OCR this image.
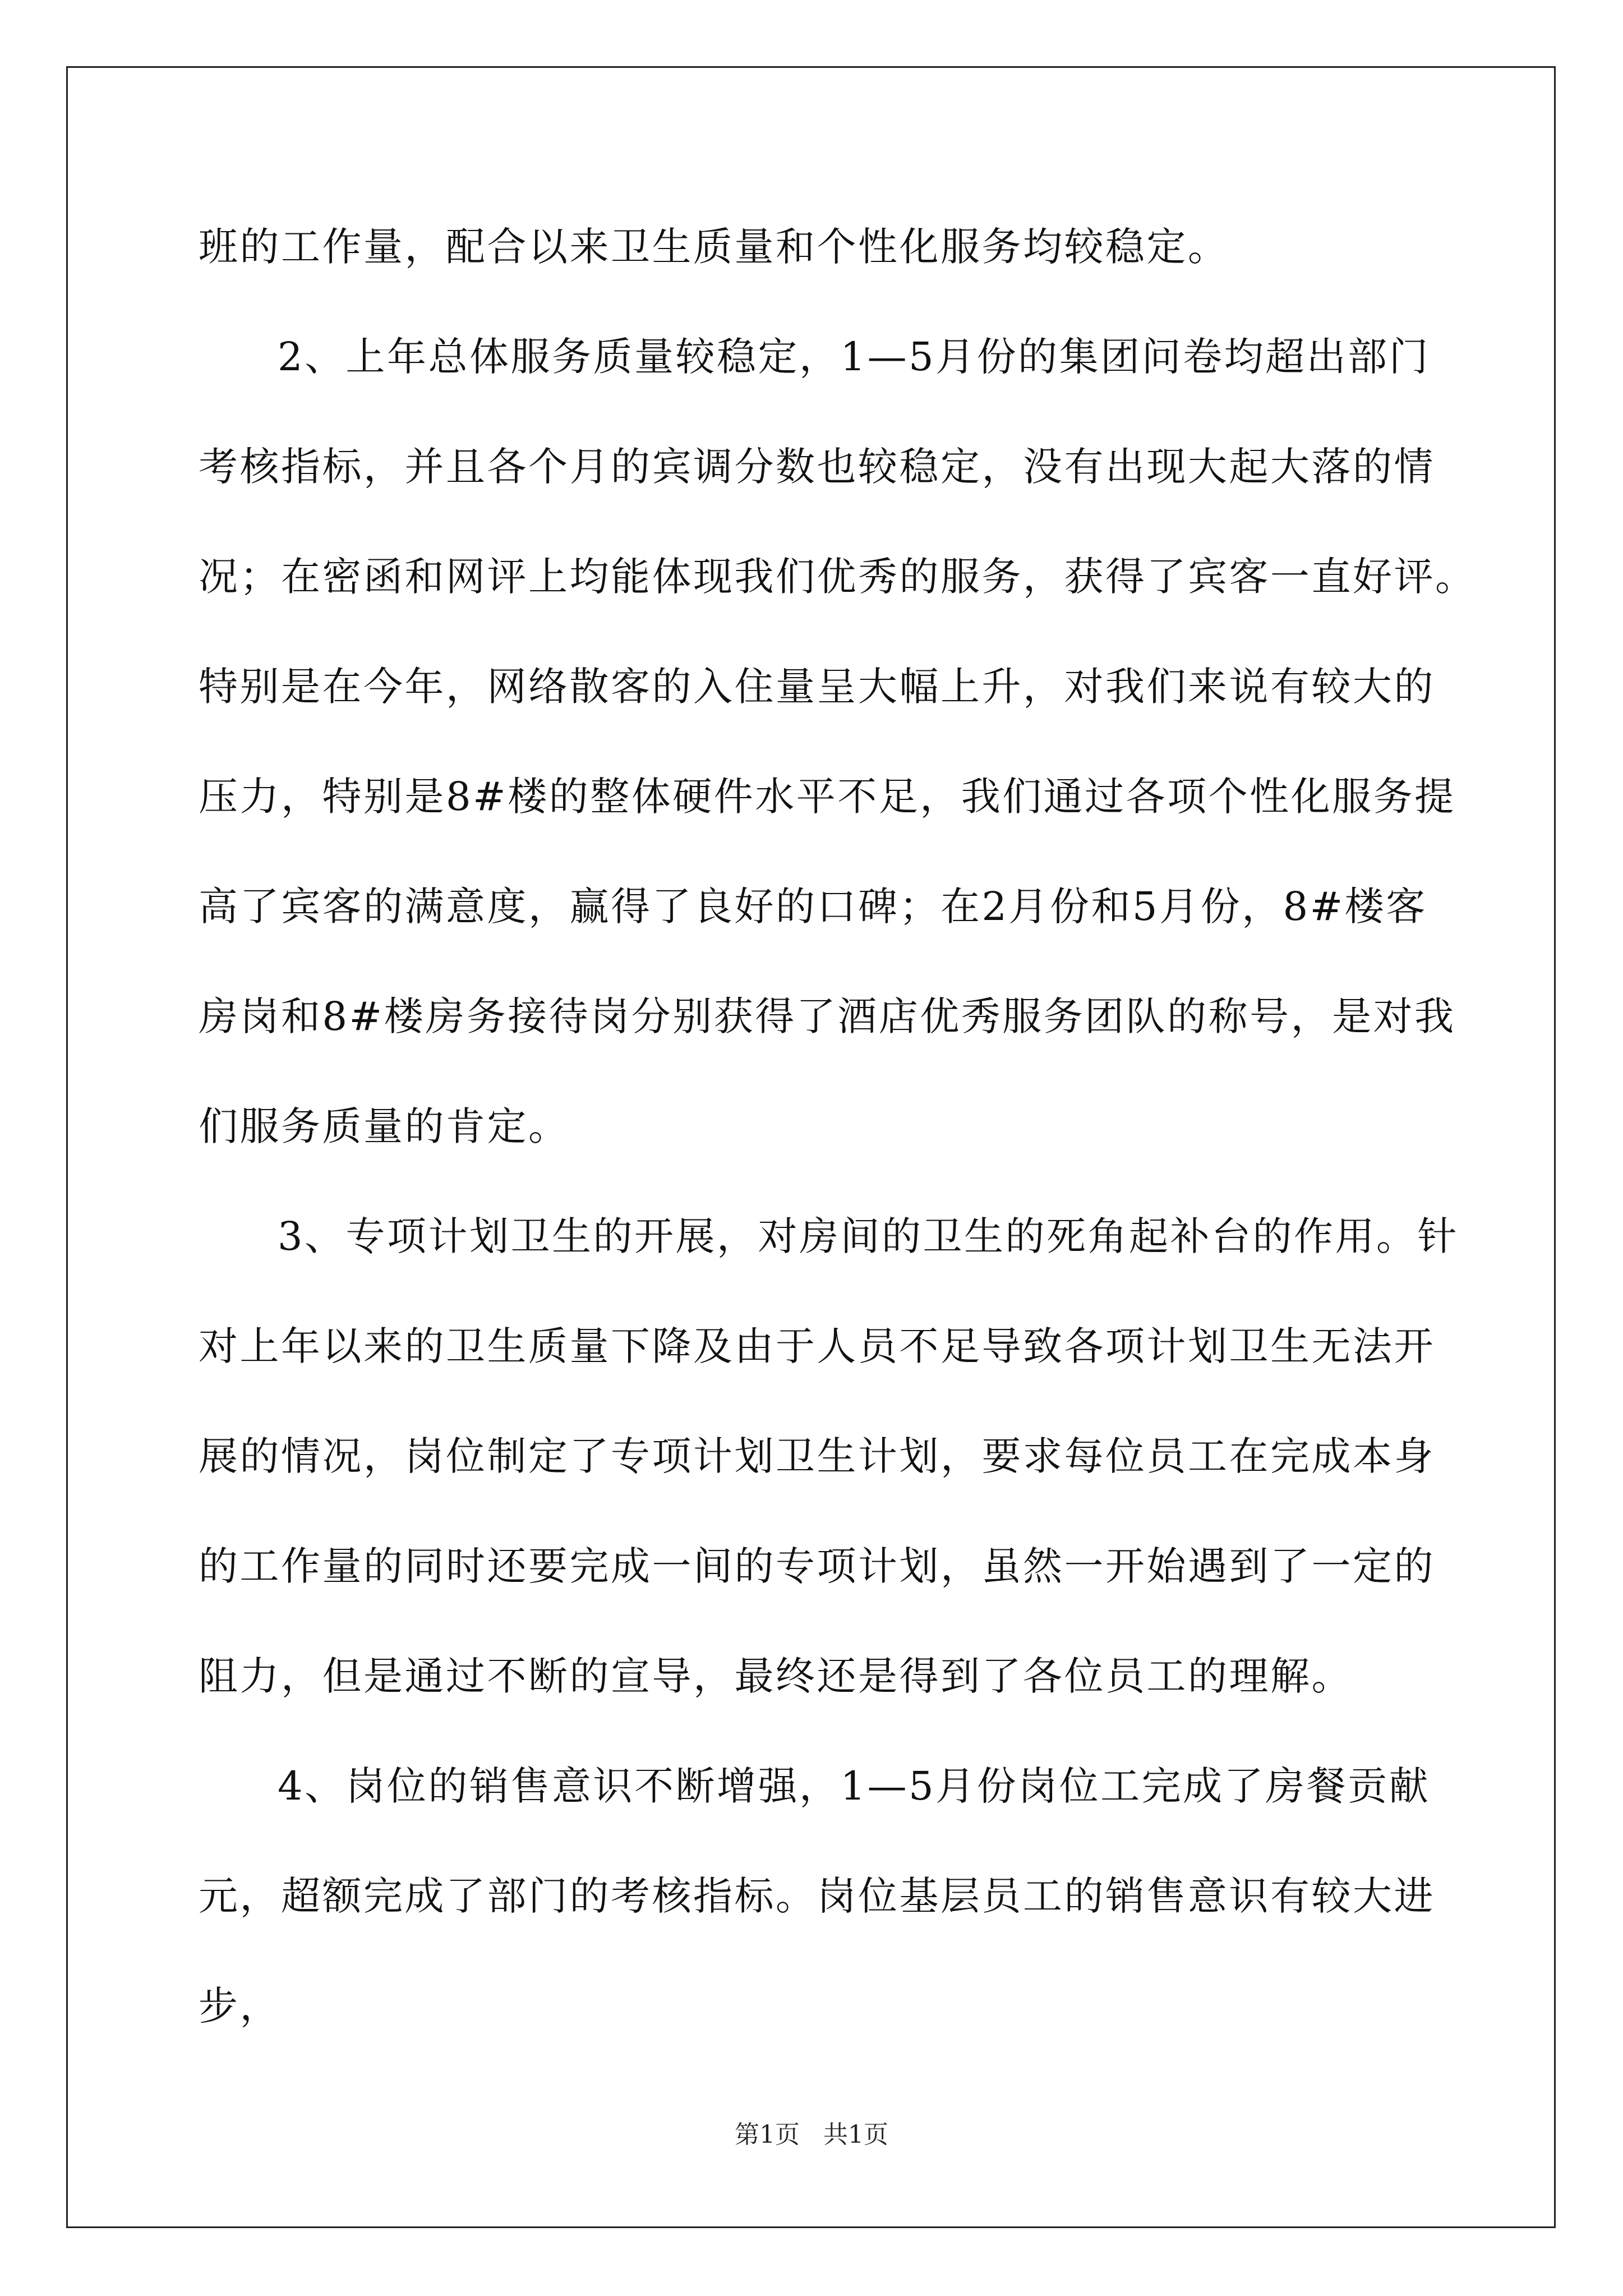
班的工作量，配合以来卫生质量和个性化服务均较稳定。
2、上年总体服务质量较稳定，1—5月份的集团问卷均超出部门
考核指标，并且各个月的宾调分数也较稳定，没有出现大起大落的情
况；在密函和网评上均能体现我们优秀的服务，获得了宾客一直好评。
特别是在今年，网络散客的入住量呈大幅上升，对我们来说有较大的
压力，特别是8#楼的整体硬件水平不足，我们通过各项个性化服务提
高了宾客的满意度，赢得了良好的口碑；在2月份和5月份，8#楼客
房岗和8#楼房务接待岗分别获得了酒店优秀服务团队的称号，是对我
们服务质量的肯定。
3、专项计划卫生的开展，对房间的卫生的死角起补台的作用。针
对上年以来的卫生质量下降及由于人员不足导致各项计划卫生无法开
展的情况，岗位制定了专项计划卫生计划，要求每位员工在完成本身
的工作量的同时还要完成一间的专项计划，虽然一开始遇到了一定的
阻力，但是通过不断的宣导，最终还是得到了各位员工的理解。
4、岗位的销售意识不断增强，1—5月份岗位工完成了房餐贡献
元，超额完成了部门的考核指标。岗位基层员工的销售意识有较大进
步，
第1页   共1页
